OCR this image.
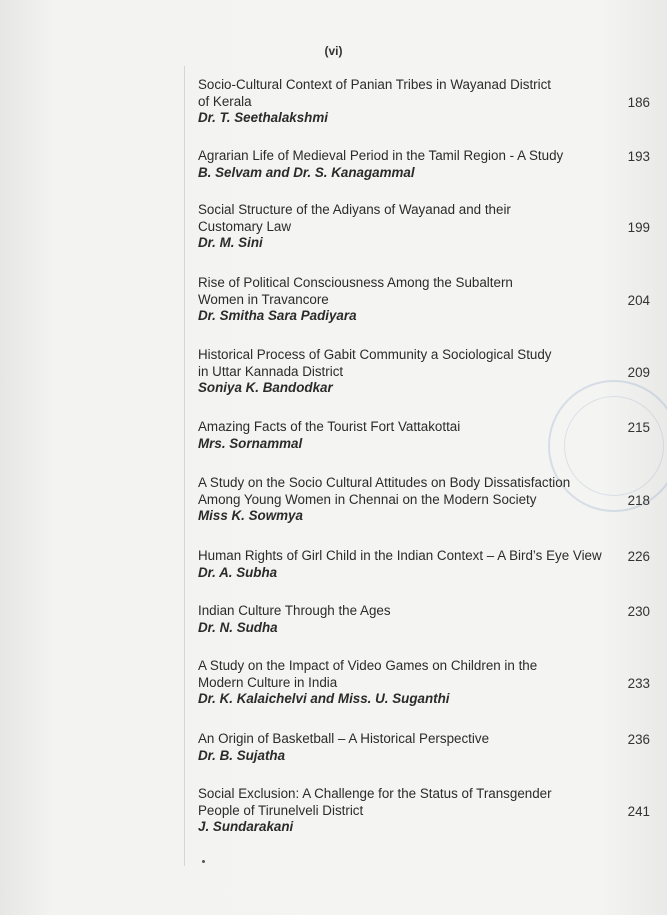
(vi)
Socio-Cultural Context of Panian Tribes in Wayanad District
of Kerala
Dr. T. Seethalakshmi
186
Agrarian Life of Medieval Period in the Tamil Region - A Study
B. Selvam and Dr. S. Kanagammal
193
Social Structure of the Adiyans of Wayanad and their
Customary Law
Dr. M. Sini
199
Rise of Political Consciousness Among the Subaltern
Women in Travancore
Dr. Smitha Sara Padiyara
204
Historical Process of Gabit Community a Sociological Study
in Uttar Kannada District
Soniya K. Bandodkar
209
Amazing Facts of the Tourist Fort Vattakottai
Mrs. Sornammal
215
A Study on the Socio Cultural Attitudes on Body Dissatisfaction
Among Young Women in Chennai on the Modern Society
Miss K. Sowmya
218
Human Rights of Girl Child in the Indian Context – A Bird’s Eye View
Dr. A. Subha
226
Indian Culture Through the Ages
Dr. N. Sudha
230
A Study on the Impact of Video Games on Children in the
Modern Culture in India
Dr. K. Kalaichelvi and Miss. U. Suganthi
233
An Origin of Basketball – A Historical Perspective
Dr. B. Sujatha
236
Social Exclusion: A Challenge for the Status of Transgender
People of Tirunelveli District
J. Sundarakani
241
